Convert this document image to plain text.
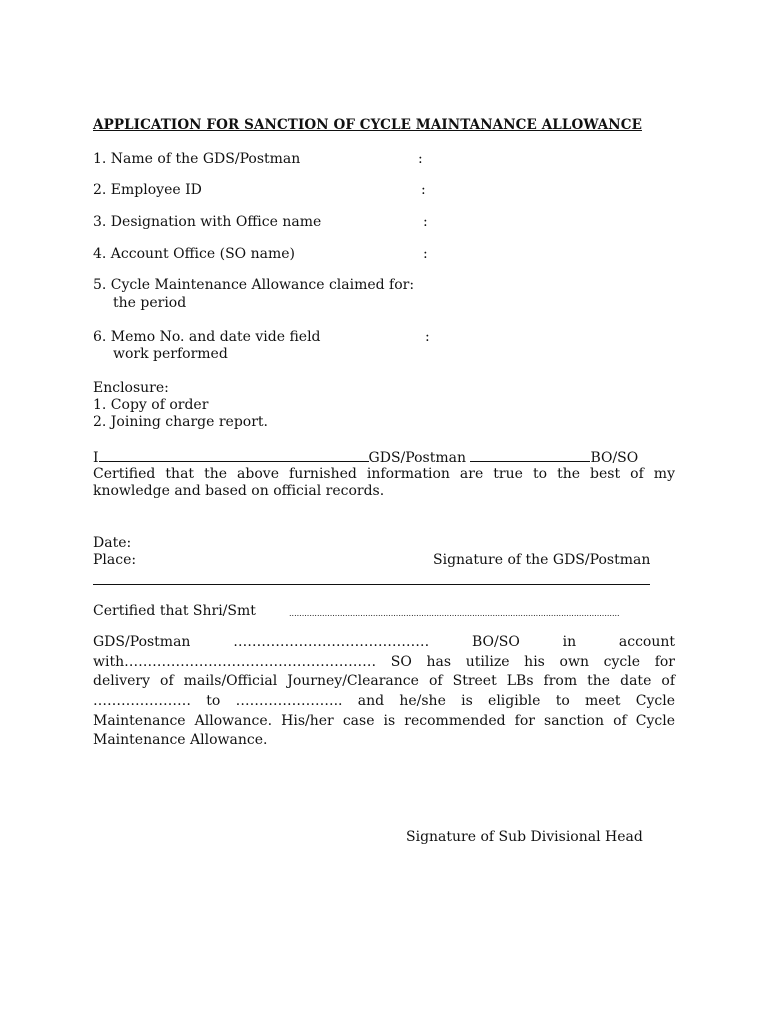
APPLICATION FOR SANCTION OF CYCLE MAINTANANCE ALLOWANCE
1. Name of the GDS/Postman	:
2. Employee ID	:
3. Designation with Office name	:
4. Account Office (SO name)	:
5. Cycle Maintenance Allowance claimed for:
the period
6. Memo No. and date vide field	:
work performed
Enclosure:
1. Copy of order
2. Joining charge report.
I	GDS/Postman	BO/SO
Certified that the above furnished information are true to the best of my
knowledge and based on official records.
Date:
Place:	Signature of the GDS/Postman
Certified that Shri/Smt	..................................................................................................................................
GDS/Postman …………………………………… BO/SO in account
with……………………………………………… SO has utilize his own cycle for
delivery of mails/Official Journey/Clearance of Street LBs from the date of
………………… to ………………….. and he/she is eligible to meet Cycle
Maintenance Allowance. His/her case is recommended for sanction of Cycle
Maintenance Allowance.
Signature of Sub Divisional Head
